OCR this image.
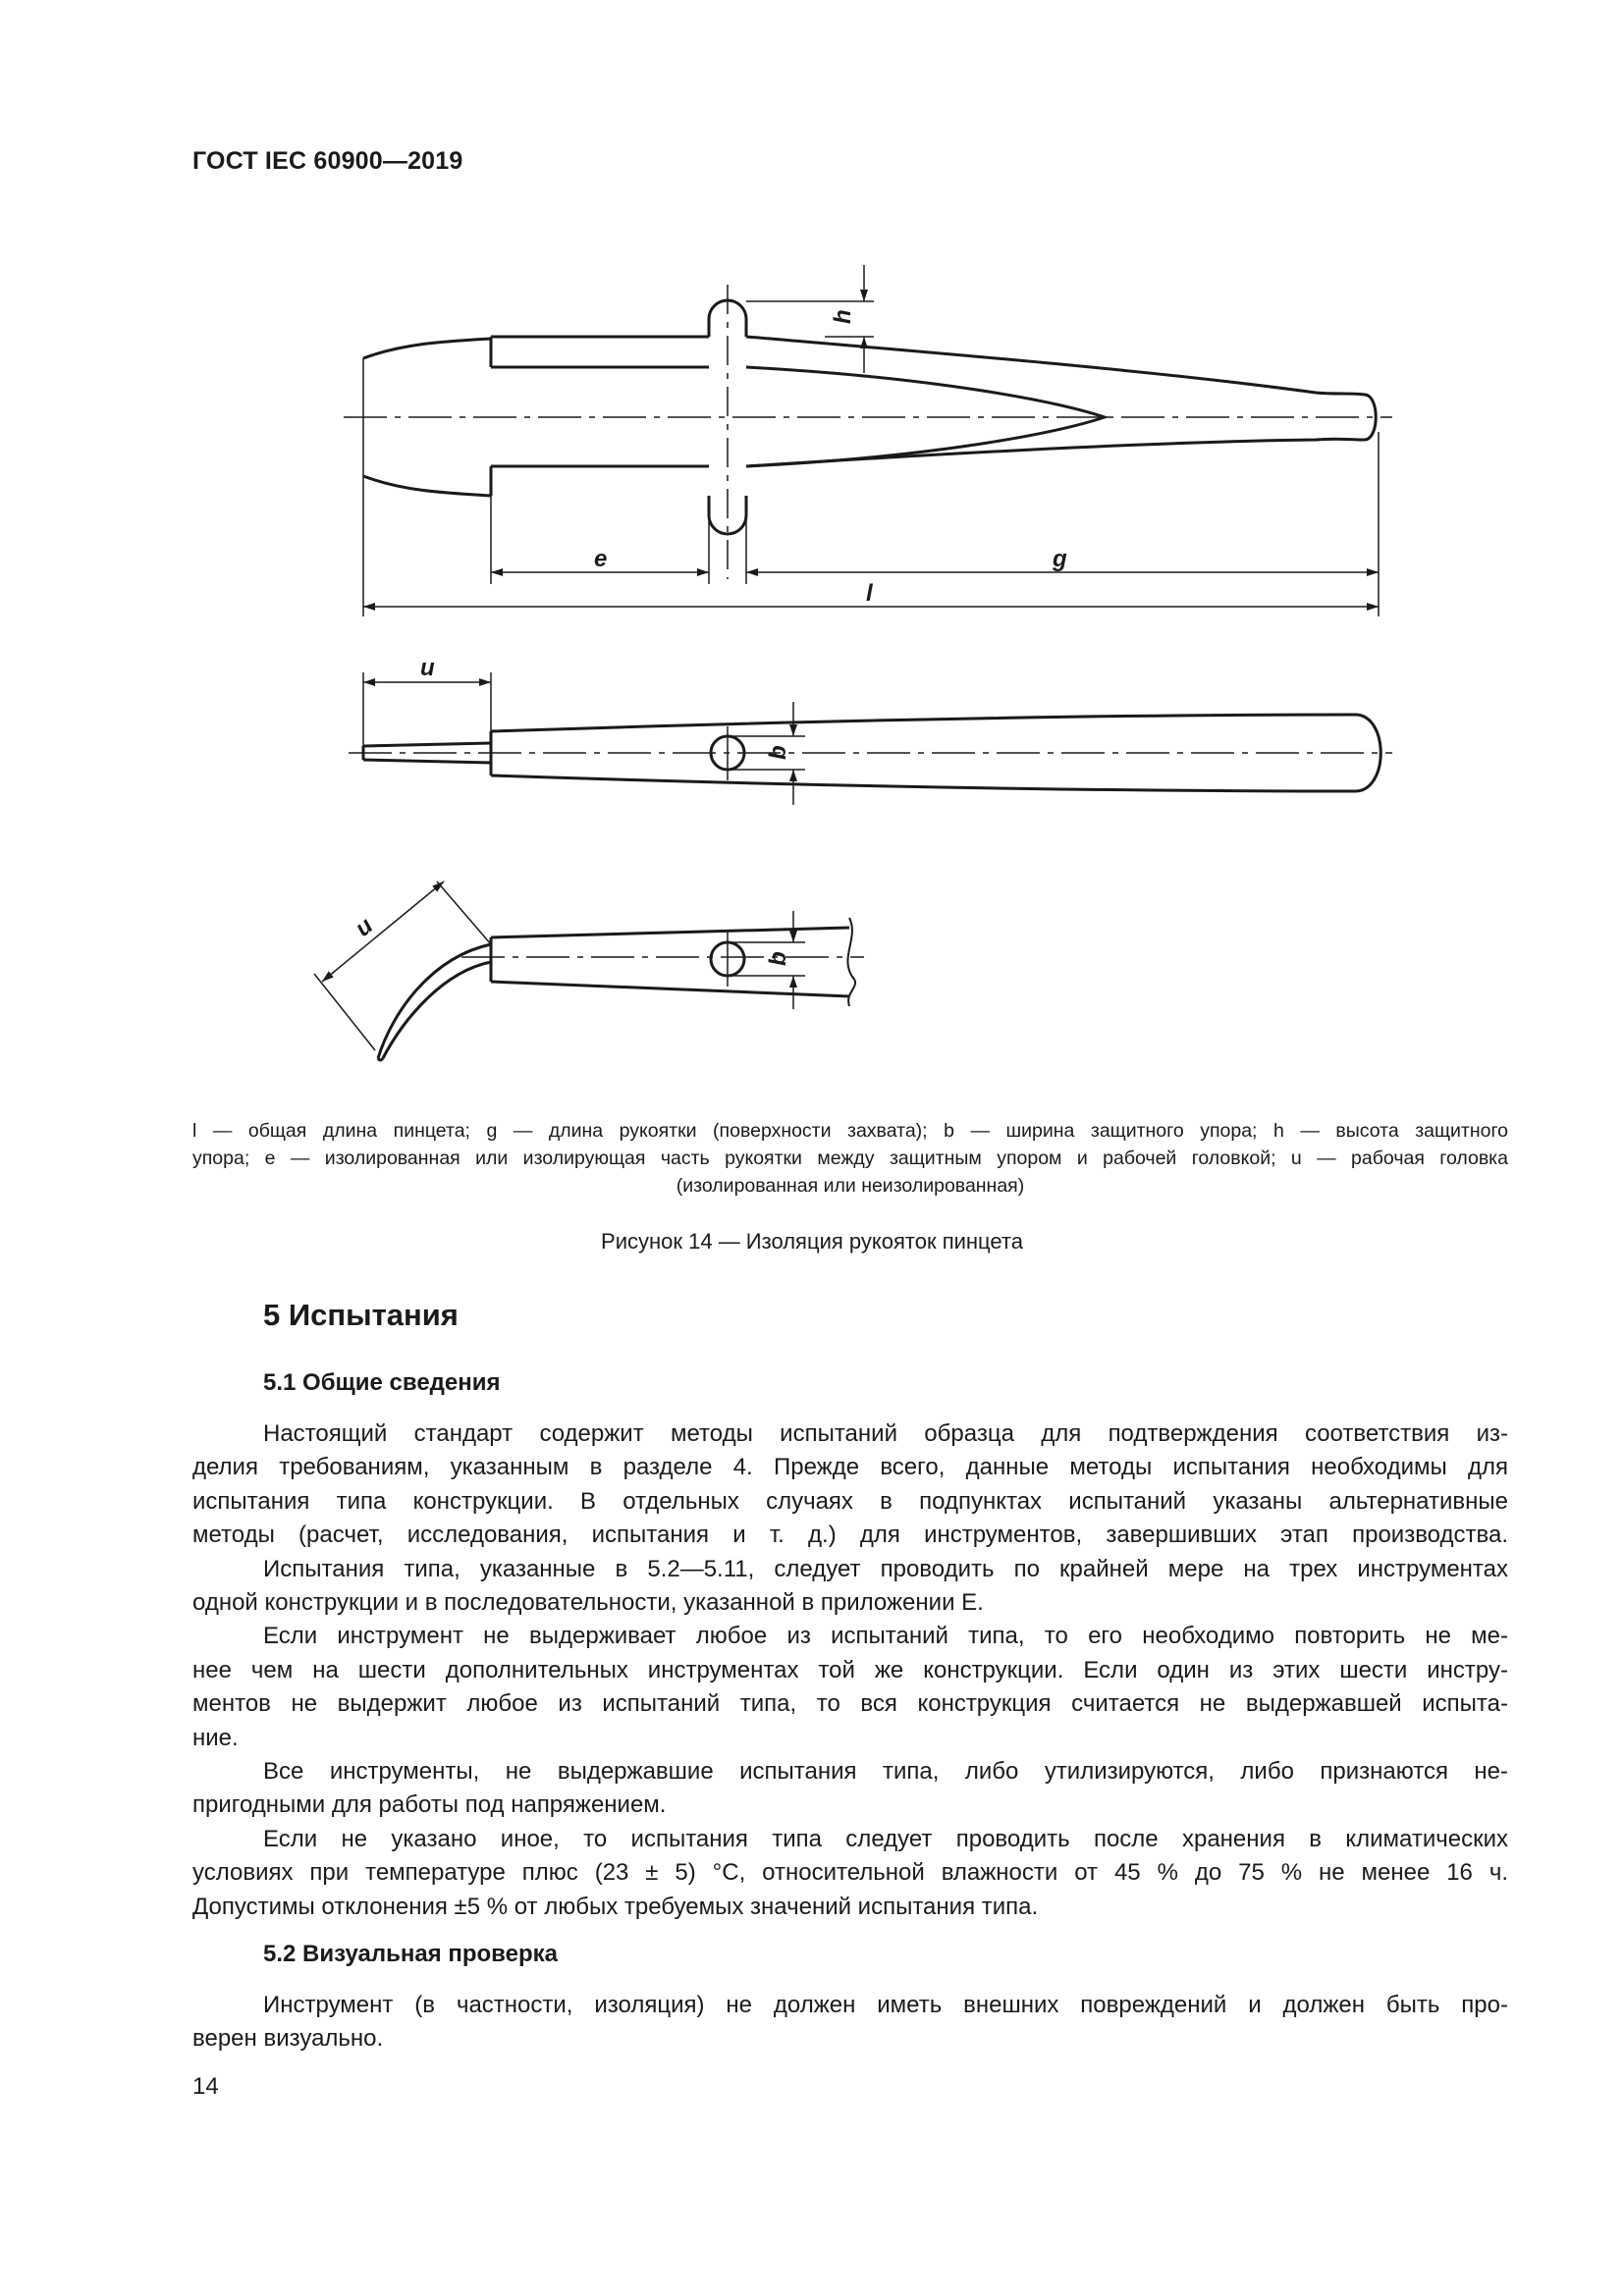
ГОСТ IEC 60900—2019
h
e	g
l
u
b
u
b
l — общая длина пинцета; g — длина рукоятки (поверхности захвата); b — ширина защитного упора; h — высота защитного
упора; e — изолированная или изолирующая часть рукоятки между защитным упором и рабочей головкой; u — рабочая головка
(изолированная или неизолированная)
Рисунок 14 — Изоляция рукояток пинцета
5 Испытания
5.1 Общие сведения
Настоящий стандарт содержит методы испытаний образца для подтверждения соответствия из-
делия требованиям, указанным в разделе 4. Прежде всего, данные методы испытания необходимы для
испытания типа конструкции. В отдельных случаях в подпунктах испытаний указаны альтернативные
методы (расчет, исследования, испытания и т. д.) для инструментов, завершивших этап производства.
Испытания типа, указанные в 5.2—5.11, следует проводить по крайней мере на трех инструментах
одной конструкции и в последовательности, указанной в приложении Е.
Если инструмент не выдерживает любое из испытаний типа, то его необходимо повторить не ме-
нее чем на шести дополнительных инструментах той же конструкции. Если один из этих шести инстру-
ментов не выдержит любое из испытаний типа, то вся конструкция считается не выдержавшей испыта-
ние.
Все инструменты, не выдержавшие испытания типа, либо утилизируются, либо признаются не-
пригодными для работы под напряжением.
Если не указано иное, то испытания типа следует проводить после хранения в климатических
условиях при температуре плюс (23 ± 5) °С, относительной влажности от 45 % до 75 % не менее 16 ч.
Допустимы отклонения ±5 % от любых требуемых значений испытания типа.
5.2 Визуальная проверка
Инструмент (в частности, изоляция) не должен иметь внешних повреждений и должен быть про-
верен визуально.
14
